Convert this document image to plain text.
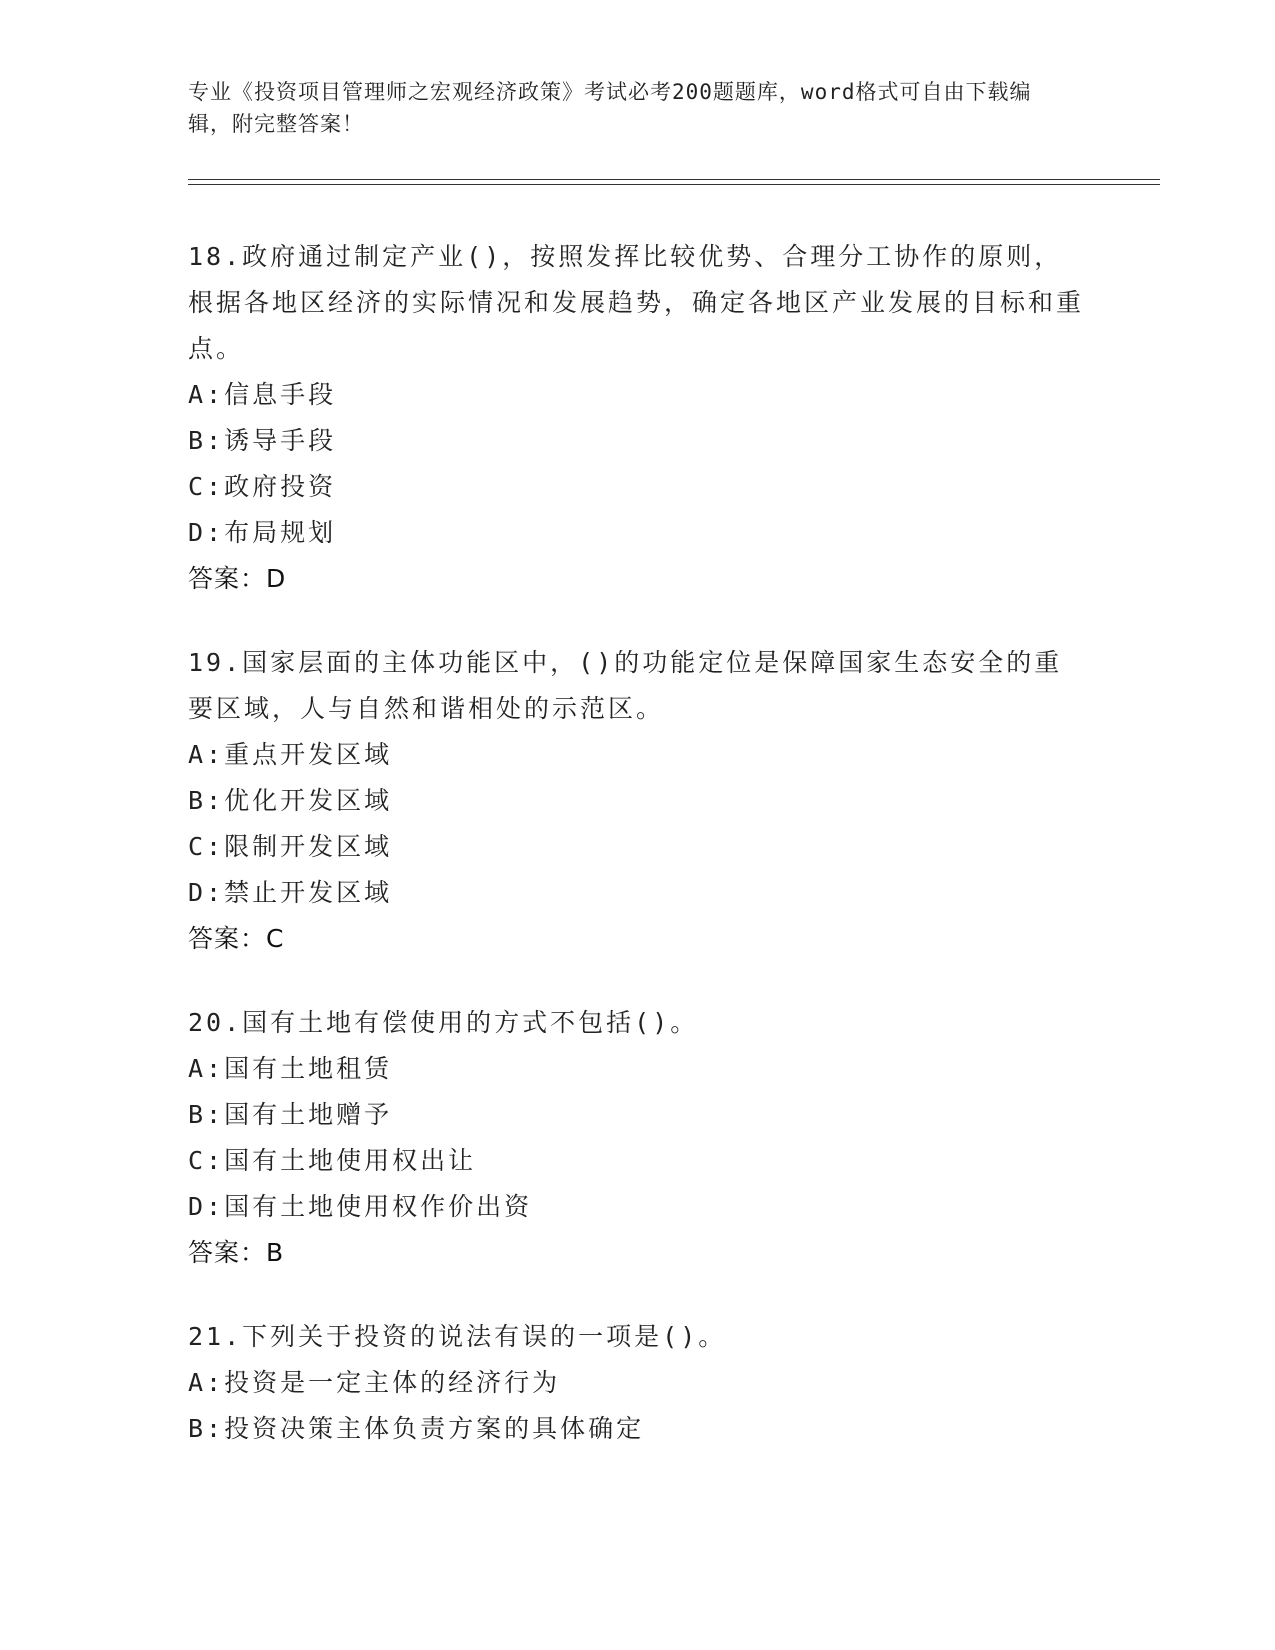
专业《投资项目管理师之宏观经济政策》考试必考200题题库，word格式可自由下载编辑，附完整答案！

18.政府通过制定产业()，按照发挥比较优势、合理分工协作的原则，根据各地区经济的实际情况和发展趋势，确定各地区产业发展的目标和重点。

A:信息手段

B:诱导手段

C:政府投资

D:布局规划

答案：D

19.国家层面的主体功能区中，()的功能定位是保障国家生态安全的重要区域，人与自然和谐相处的示范区。

A:重点开发区域

B:优化开发区域

C:限制开发区域

D:禁止开发区域

答案：C

20.国有土地有偿使用的方式不包括()。

A:国有土地租赁

B:国有土地赠予

C:国有土地使用权出让

D:国有土地使用权作价出资

答案：B

21.下列关于投资的说法有误的一项是()。

A:投资是一定主体的经济行为

B:投资决策主体负责方案的具体确定
